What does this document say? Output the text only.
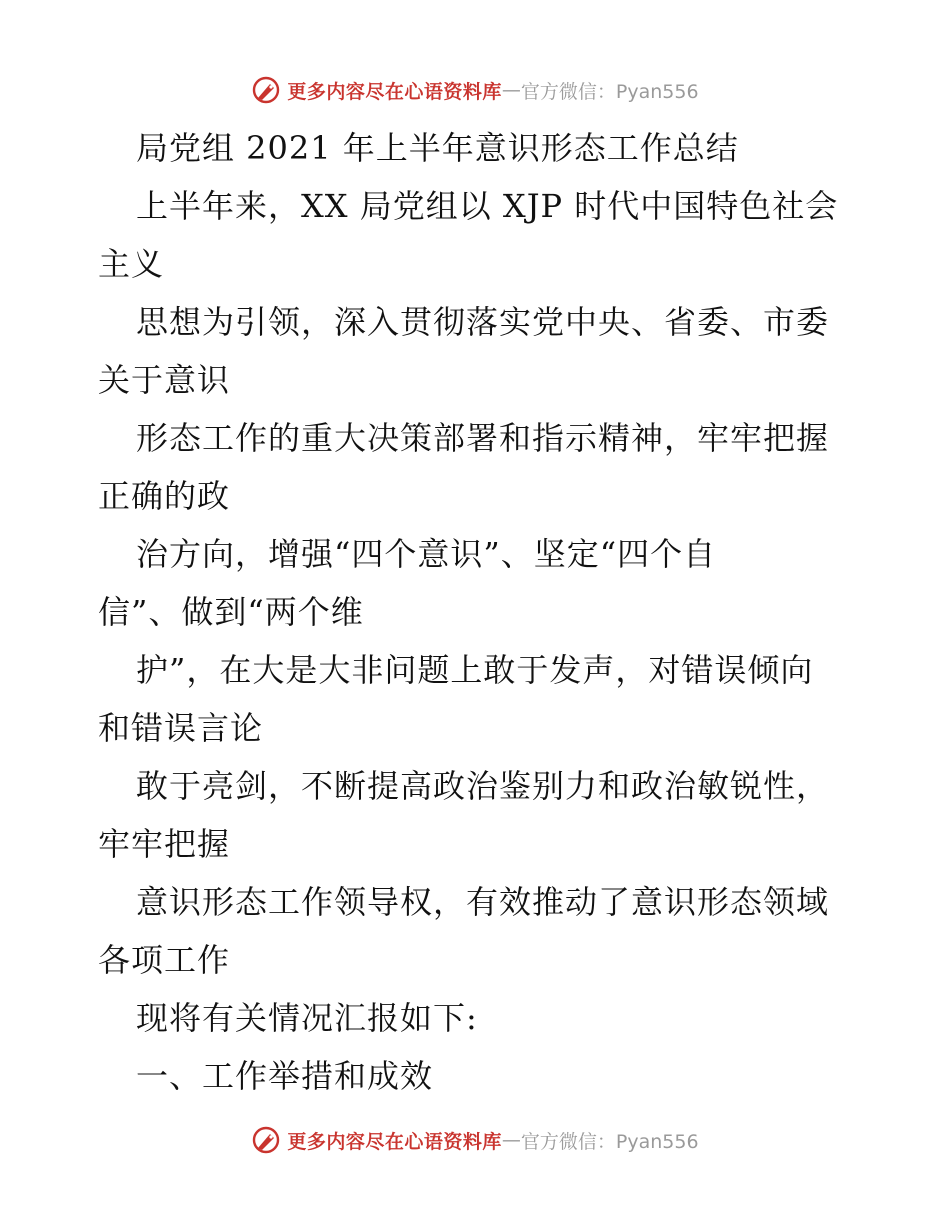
更多内容尽在心语资料库 — 官方微信：Pyan556
局党组 2021 年上半年意识形态工作总结
上半年来，XX 局党组以 XJP 时代中国特色社会
主义
思想为引领，深入贯彻落实党中央、省委、市委
关于意识
形态工作的重大决策部署和指示精神，牢牢把握
正确的政
治方向，增强“四个意识”、坚定“四个自
信”、做到“两个维
护”，在大是大非问题上敢于发声，对错误倾向
和错误言论
敢于亮剑，不断提高政治鉴别力和政治敏锐性，
牢牢把握
意识形态工作领导权，有效推动了意识形态领域
各项工作
现将有关情况汇报如下:
一、工作举措和成效
更多内容尽在心语资料库 — 官方微信：Pyan556
